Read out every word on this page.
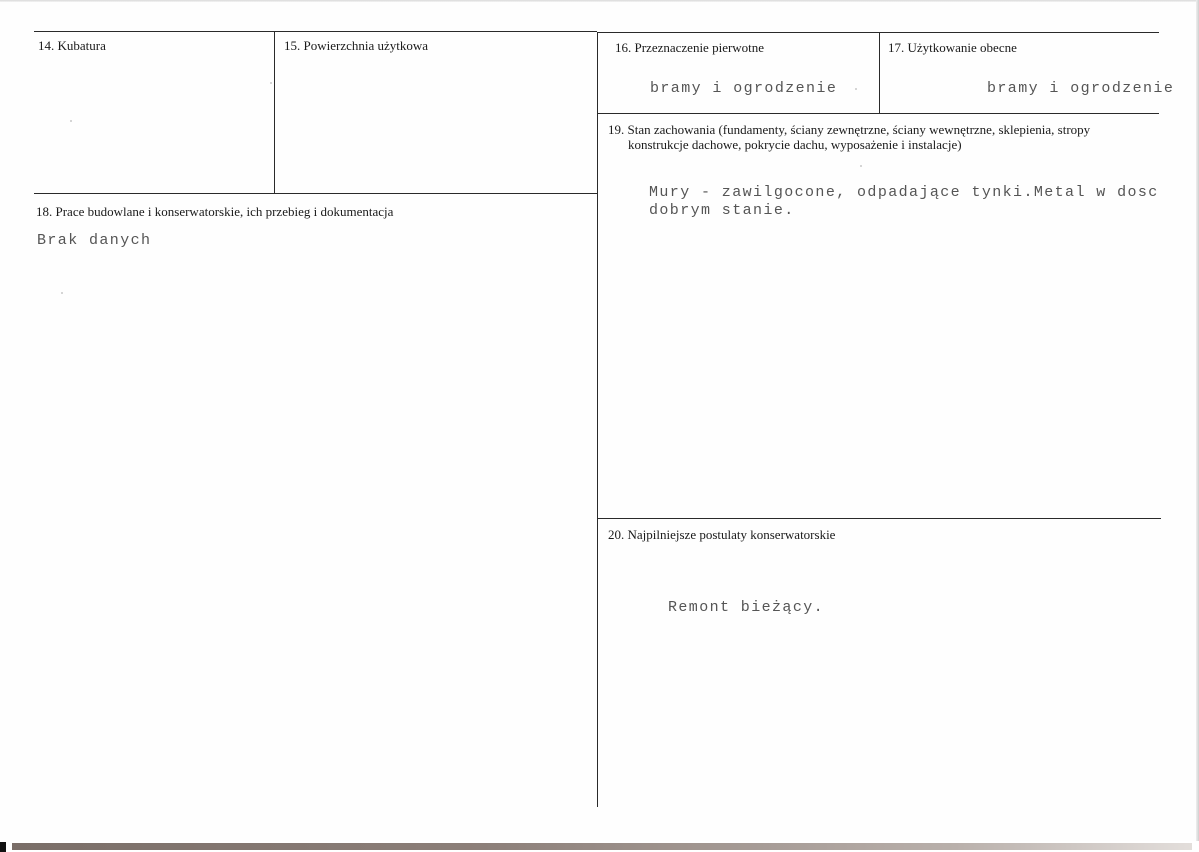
14. Kubatura	15. Powierzchnia użytkowa	16. Przeznaczenie pierwotne
bramy i ogrodzenie
17. Użytkowanie obecne
bramy i ogrodzenie
19. Stan zachowania (fundamenty, ściany zewnętrzne, ściany wewnętrzne, sklepienia, stropy
konstrukcje dachowe, pokrycie dachu, wyposażenie i instalacje)
Mury - zawilgocone, odpadające tynki.Metal w dosc
dobrym stanie.
18. Prace budowlane i konserwatorskie, ich przebieg i dokumentacja
Brak danych
20. Najpilniejsze postulaty konserwatorskie
Remont bieżący.
